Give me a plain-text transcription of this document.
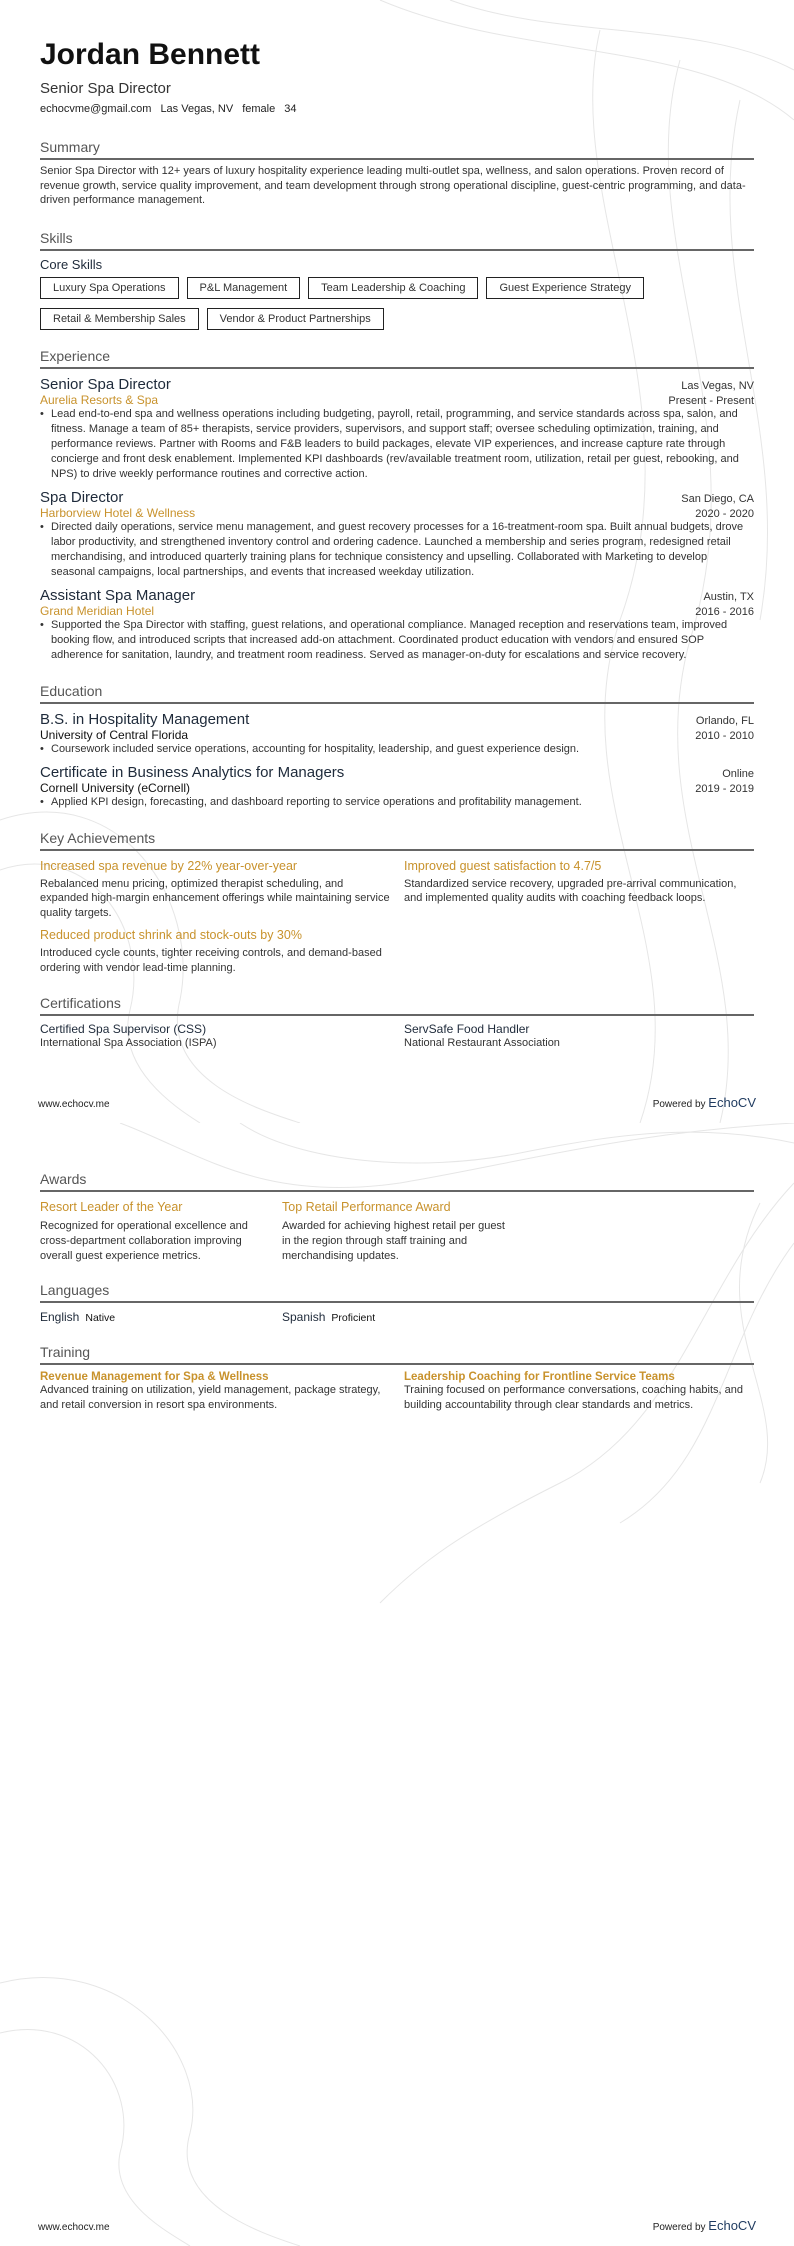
Jordan Bennett
Senior Spa Director
echocvme@gmail.com Las Vegas, NV female 34
Summary

Senior Spa Director with 12+ years of luxury hospitality experience leading multi-outlet spa, wellness, and salon operations. Proven record of revenue growth, service quality improvement, and team development through strong operational discipline, guest-centric programming, and data-driven performance management.

Skills
Core Skills
Luxury Spa Operations	P&L Management	Team Leadership & Coaching	Guest Experience Strategy
Retail & Membership Sales	Vendor & Product Partnerships
Experience
Senior Spa Director	Las Vegas, NV
Aurelia Resorts & Spa	Present - Present
• Lead end-to-end spa and wellness operations including budgeting, payroll, retail, programming, and service standards across spa, salon, and fitness. Manage a team of 85+ therapists, service providers, supervisors, and support staff; oversee scheduling optimization, training, and performance reviews. Partner with Rooms and F&B leaders to build packages, elevate VIP experiences, and increase capture rate through concierge and front desk enablement. Implemented KPI dashboards (rev/available treatment room, utilization, retail per guest, rebooking, and NPS) to drive weekly performance routines and corrective action.
Spa Director	San Diego, CA
Harborview Hotel & Wellness	2020 - 2020
• Directed daily operations, service menu management, and guest recovery processes for a 16-treatment-room spa. Built annual budgets, drove labor productivity, and strengthened inventory control and ordering cadence. Launched a membership and series program, redesigned retail merchandising, and introduced quarterly training plans for technique consistency and upselling. Collaborated with Marketing to develop seasonal campaigns, local partnerships, and events that increased weekday utilization.
Assistant Spa Manager	Austin, TX
Grand Meridian Hotel	2016 - 2016
• Supported the Spa Director with staffing, guest relations, and operational compliance. Managed reception and reservations team, improved booking flow, and introduced scripts that increased add-on attachment. Coordinated product education with vendors and ensured SOP adherence for sanitation, laundry, and treatment room readiness. Served as manager-on-duty for escalations and service recovery.
Education
B.S. in Hospitality Management	Orlando, FL
University of Central Florida	2010 - 2010
• Coursework included service operations, accounting for hospitality, leadership, and guest experience design.
Certificate in Business Analytics for Managers	Online
Cornell University (eCornell)	2019 - 2019
• Applied KPI design, forecasting, and dashboard reporting to service operations and profitability management.
Key Achievements
Increased spa revenue by 22% year-over-year

Rebalanced menu pricing, optimized therapist scheduling, and expanded high-margin enhancement offerings while maintaining service quality targets.

Improved guest satisfaction to 4.7/5

Standardized service recovery, upgraded pre-arrival communication, and implemented quality audits with coaching feedback loops.

Reduced product shrink and stock-outs by 30%

Introduced cycle counts, tighter receiving controls, and demand-based ordering with vendor lead-time planning.

Certifications
Certified Spa Supervisor (CSS)
International Spa Association (ISPA)
ServSafe Food Handler
National Restaurant Association
www.echocv.me	Powered by EchoCV
Awards
Resort Leader of the Year

Recognized for operational excellence and cross-department collaboration improving overall guest experience metrics.

Top Retail Performance Award

Awarded for achieving highest retail per guest in the region through staff training and merchandising updates.

Languages
English Native	Spanish Proficient
Training
Revenue Management for Spa & Wellness

Advanced training on utilization, yield management, package strategy, and retail conversion in resort spa environments.

Leadership Coaching for Frontline Service Teams

Training focused on performance conversations, coaching habits, and building accountability through clear standards and metrics.

www.echocv.me	Powered by EchoCV
